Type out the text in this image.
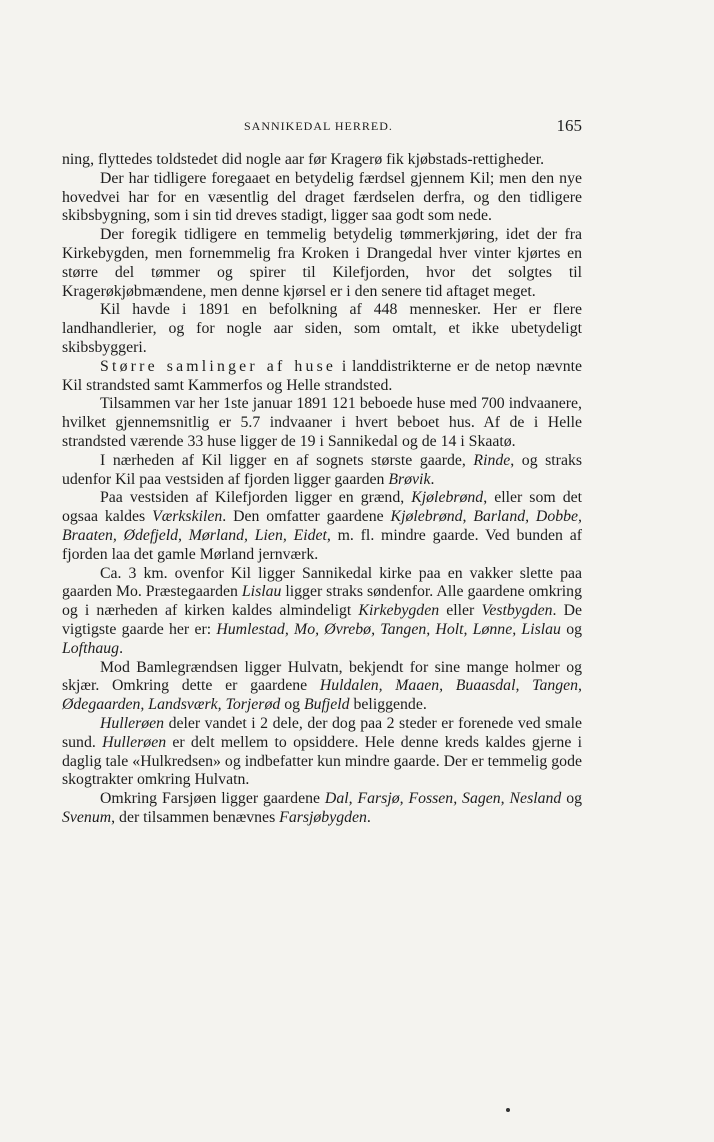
SANNIKEDAL HERRED.	165

ning, flyttedes toldstedet did nogle aar før Kragerø fik kjøbstads-rettigheder.

Der har tidligere foregaaet en betydelig færdsel gjennem Kil; men den nye hovedvei har for en væsentlig del draget færdselen derfra, og den tidligere skibsbygning, som i sin tid dreves stadigt, ligger saa godt som nede.

Der foregik tidligere en temmelig betydelig tømmerkjøring, idet der fra Kirkebygden, men fornemmelig fra Kroken i Drangedal hver vinter kjørtes en større del tømmer og spirer til Kilefjorden, hvor det solgtes til Kragerøkjøbmændene, men denne kjørsel er i den senere tid aftaget meget.

Kil havde i 1891 en befolkning af 448 mennesker. Her er flere landhandlerier, og for nogle aar siden, som omtalt, et ikke ubetydeligt skibsbyggeri.

Større samlinger af huse i landdistrikterne er de netop nævnte Kil strandsted samt Kammerfos og Helle strandsted.

Tilsammen var her 1ste januar 1891 121 beboede huse med 700 indvaanere, hvilket gjennemsnitlig er 5.7 indvaaner i hvert beboet hus. Af de i Helle strandsted værende 33 huse ligger de 19 i Sannikedal og de 14 i Skaatø.

I nærheden af Kil ligger en af sognets største gaarde, Rinde, og straks udenfor Kil paa vestsiden af fjorden ligger gaarden Brøvik.

Paa vestsiden af Kilefjorden ligger en grænd, Kjølebrønd, eller som det ogsaa kaldes Værkskilen. Den omfatter gaardene Kjølebrønd, Barland, Dobbe, Braaten, Ødefjeld, Mørland, Lien, Eidet, m. fl. mindre gaarde. Ved bunden af fjorden laa det gamle Mørland jernværk.

Ca. 3 km. ovenfor Kil ligger Sannikedal kirke paa en vakker slette paa gaarden Mo. Præstegaarden Lislau ligger straks søndenfor. Alle gaardene omkring og i nærheden af kirken kaldes almindeligt Kirkebygden eller Vestbygden. De vigtigste gaarde her er: Humlestad, Mo, Øvrebø, Tangen, Holt, Lønne, Lislau og Lofthaug.

Mod Bamlegrændsen ligger Hulvatn, bekjendt for sine mange holmer og skjær. Omkring dette er gaardene Huldalen, Maaen, Buaasdal, Tangen, Ødegaarden, Landsværk, Torjerød og Bufjeld beliggende.

Hullerøen deler vandet i 2 dele, der dog paa 2 steder er forenede ved smale sund. Hullerøen er delt mellem to opsiddere. Hele denne kreds kaldes gjerne i daglig tale «Hulkredsen» og indbefatter kun mindre gaarde. Der er temmelig gode skogtrakter omkring Hulvatn.

Omkring Farsjøen ligger gaardene Dal, Farsjø, Fossen, Sagen, Nesland og Svenum, der tilsammen benævnes Farsjøbygden.
